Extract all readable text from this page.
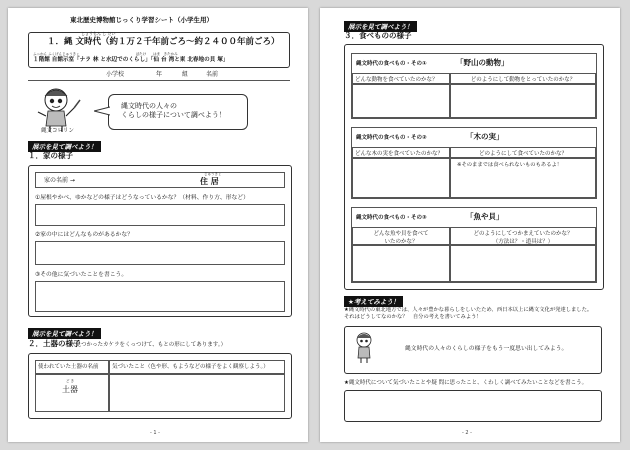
東北歴史博物館じっくり学習シート（小学生用）
じょうもん じ だい
１．縄 文時代（約１万２千年前ごろ〜約２４００年前ごろ）
ふっかん ふくげんじゅうきょ　　　　　　　　　　　　　　　　ばたけ　　はま　きたかみ
１階館 自館示室「ナラ 林 と水辺でのくらし」「仙 台 湾と東 北春地の貝 塚」
小学校	年	組	名前
縄文コロリン
縄文時代の人々の
くらしの様子について調べよう！
展示を見て調べよう！
１．家の様子
家の名前 →
じゅうきょ
住 居
①屋根やかべ、ゆかなどの様子はどうなっているかな？（材料、作り方、形など）
②家の中にはどんなものがあるかな？
③その他に気づいたことを書こう。
展示を見て調べよう！
２．土器の様子
（見つかったカケラをくっつけて、もとの形にしてあります。）
使われていた土器の名前	気づいたこと（色や形、もようなどの様子をよく観察しよう。）
ど き
土器
- 1 -
展示を見て調べよう！
３．食べものの様子
縄文時代の食べもの・その①	「野山の動物」
どんな動物を食べていたのかな？	どのようにして動物をとっていたのかな？
縄文時代の食べもの・その②	「木の実」
どんな木の実を食べていたのかな？	どのようにして食べていたのかな？
※そのままでは食べられないものもあるよ！
縄文時代の食べもの・その③	「魚や貝」
どんな魚や貝を食べて
いたのかな？
どのようにしてつかまえていたのかな？
（方法は？・道具は？）
★考えてみよう！
★縄文時代の東北地方では、人々が豊かな暮らしをしいたため、西日本以上に縄文文化が発達しました。
それはどうしてなのかな？　自分の考えを書いてみよう！
縄文時代の人々のくらしの様子をもう一度思い出してみよう。
★縄文時代について気づいたことや疑 問に思ったこと、くわしく調べてみたいことなどを書こう。
- 2 -
